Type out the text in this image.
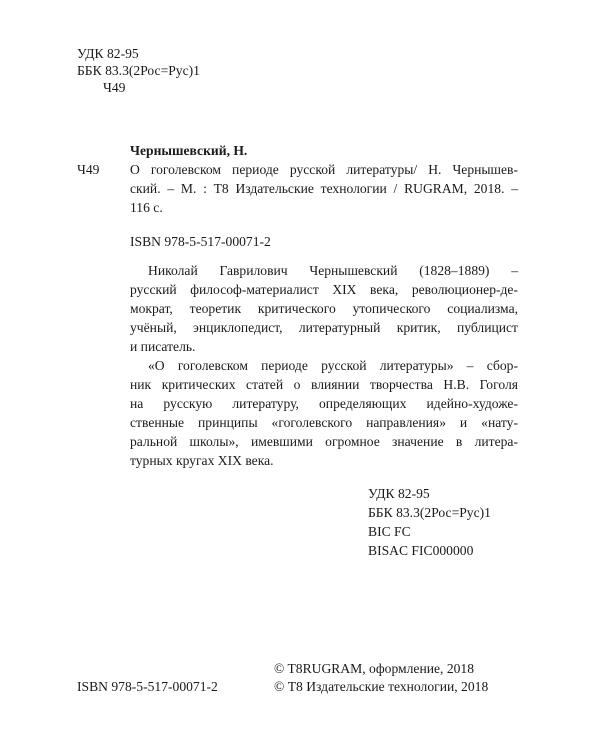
УДК 82-95

ББК 83.3(2Рос=Рус)1

Ч49

Чернышевский, Н.

Ч49 О гоголевском периоде русской литературы/ Н. Чернышев-
ский. – М. : Т8 Издательские технологии / RUGRAM, 2018. –
116 с.

ISBN 978-5-517-00071-2

Николай Гаврилович Чернышевский (1828–1889) –
русский философ-материалист XIX века, революционер-де-
мократ, теоретик критического утопического социализма,
учёный, энциклопедист, литературный критик, публицист
и писатель.
«О гоголевском периоде русской литературы» – сбор-
ник критических статей о влиянии творчества Н.В. Гоголя
на русскую литературу, определяющих идейно-художе-
ственные принципы «гоголевского направления» и «нату-
ральной школы», имевшими огромное значение в литера-
турных кругах XIX века.
УДК 82-95
ББК 83.3(2Рос=Рус)1
BIC FC
BISAC FIC000000

© T8RUGRAM, оформление, 2018

ISBN 978-5-517-00071-2	© Т8 Издательские технологии, 2018
